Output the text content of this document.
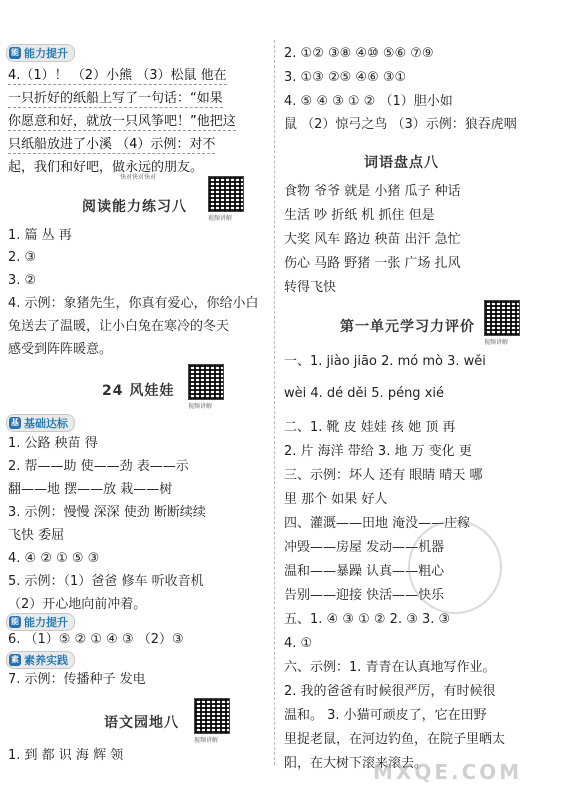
能 能力提升
4.（1）！ （2）小熊 （3）松鼠 他在
一只折好的纸船上写了一句话：“如果
你愿意和好，就放一只风筝吧！”他把这
只纸船放进了小溪 （4）示例：对不
起，我们和好吧，做永远的朋友。
快对快对快对
视频讲解
阅读能力练习八
1. 篇 丛 再
2. ③
3. ②
4. 示例：象猪先生，你真有爱心，你给小白
兔送去了温暖，让小白兔在寒冷的冬天
感受到阵阵暖意。
24 风娃娃
视频讲解
基 基础达标
1. 公路 秧苗 得
2. 帮——助 使——劲 表——示
翻——地 摆——放 栽——树
3. 示例：慢慢 深深 使劲 断断续续
飞快 委屈
4. ④ ② ① ⑤ ③
5. 示例：（1）爸爸 修车 听收音机
（2）开心地向前冲着。
能 能力提升
6. （1）⑤ ② ① ④ ③ （2）③
素 素养实践
7. 示例：传播种子 发电
语文园地八
视频讲解
1. 到 都 识 海 辉 领
2. ①② ③⑧ ④⑩ ⑤⑥ ⑦⑨
3. ①③ ②⑤ ④⑥ ③①
4. ⑤ ④ ③ ① ② （1）胆小如
鼠 （2）惊弓之鸟 （3）示例：狼吞虎咽
词语盘点八
食物 爷爷 就是 小猪 瓜子 种话
生活 吵 折纸 机 抓住 但是
大奖 风车 路边 秧苗 出汗 急忙
伤心 马路 野猪 一张 广场 扎风
转得飞快
视频讲解
第一单元学习力评价
一、1. jiào jiāo 2. mó mò 3. wěi
wèi 4. dé děi 5. péng xié
二、1. 靴 皮 娃娃 孩 她 顶 再
2. 片 海洋 带给 3. 地 万 变化 更
三、示例：坏人 还有 眼睛 晴天 哪
里 那个 如果 好人
四、灌溉——田地 淹没——庄稼
冲毁——房屋 发动——机器
温和——暴躁 认真——粗心
告别——迎接 快活——快乐
五、1. ④ ③ ① ② 2. ③ 3. ③
4. ①
六、示例：1. 青青在认真地写作业。
2. 我的爸爸有时候很严厉，有时候很
温和。 3. 小猫可顽皮了，它在田野
里捉老鼠，在河边钓鱼，在院子里晒太
阳，在大树下滚来滚去。
MXQE.COM
